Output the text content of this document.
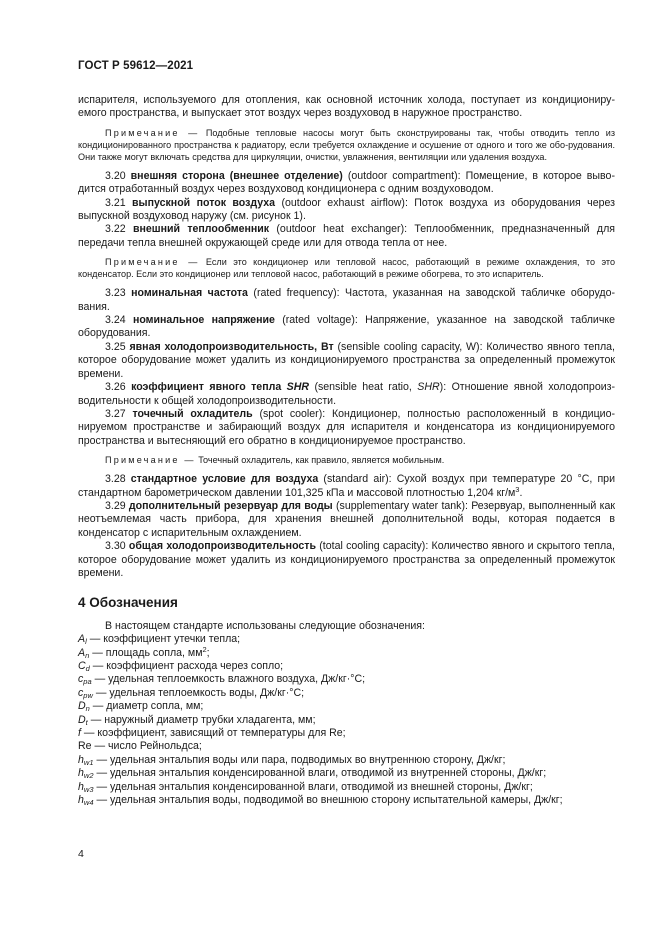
ГОСТ Р 59612—2021

испарителя, используемого для отопления, как основной источник холода, поступает из кондициониру-емого пространства, и выпускает этот воздух через воздуховод в наружное пространство.

Примечание — Подобные тепловые насосы могут быть сконструированы так, чтобы отводить тепло из кондиционированного пространства к радиатору, если требуется охлаждение и осушение от одного и того же обо-рудования. Они также могут включать средства для циркуляции, очистки, увлажнения, вентиляции или удаления воздуха.

3.20 внешняя сторона (внешнее отделение) (outdoor compartment): Помещение, в которое выво-дится отработанный воздух через воздуховод кондиционера с одним воздуховодом.

3.21 выпускной поток воздуха (outdoor exhaust airflow): Поток воздуха из оборудования через выпускной воздуховод наружу (см. рисунок 1).

3.22 внешний теплообменник (outdoor heat exchanger): Теплообменник, предназначенный для передачи тепла внешней окружающей среде или для отвода тепла от нее.

Примечание — Если это кондиционер или тепловой насос, работающий в режиме охлаждения, то это конденсатор. Если это кондиционер или тепловой насос, работающий в режиме обогрева, то это испаритель.

3.23 номинальная частота (rated frequency): Частота, указанная на заводской табличке оборудо-вания.

3.24 номинальное напряжение (rated voltage): Напряжение, указанное на заводской табличке оборудования.

3.25 явная холодопроизводительность, Вт (sensible cooling capacity, W): Количество явного тепла, которое оборудование может удалить из кондиционируемого пространства за определенный промежуток времени.

3.26 коэффициент явного тепла SHR (sensible heat ratio, SHR): Отношение явной холодопроиз-водительности к общей холодопроизводительности.

3.27 точечный охладитель (spot cooler): Кондиционер, полностью расположенный в кондицио-нируемом пространстве и забирающий воздух для испарителя и конденсатора из кондиционируемого пространства и вытесняющий его обратно в кондиционируемое пространство.

Примечание — Точечный охладитель, как правило, является мобильным.

3.28 стандартное условие для воздуха (standard air): Сухой воздух при температуре 20 °С, при стандартном барометрическом давлении 101,325 кПа и массовой плотностью 1,204 $кг/м^3$.

3.29 дополнительный резервуар для воды (supplementary water tank): Резервуар, выполненный как неотъемлемая часть прибора, для хранения внешней дополнительной воды, которая подается в конденсатор с испарительным охлаждением.

3.30 общая холодопроизводительность (total cooling capacity): Количество явного и скрытого тепла, которое оборудование может удалить из кондиционируемого пространства за определенный промежуток времени.

4 Обозначения

В настоящем стандарте использованы следующие обозначения:

$A_l$ — коэффициент утечки тепла;

$A_n$ — площадь сопла, $мм^2$;

$C_d$ — коэффициент расхода через сопло;

$c_{pa}$ — удельная теплоемкость влажного воздуха, Дж/кг·°С;

$c_{pw}$ — удельная теплоемкость воды, Дж/кг·°С;

$D_n$ — диаметр сопла, мм;

$D_t$ — наружный диаметр трубки хладагента, мм;

f — коэффициент, зависящий от температуры для Re;

Re — число Рейнольдса;

$h_{w1}$ — удельная энтальпия воды или пара, подводимых во внутреннюю сторону, Дж/кг;

$h_{w2}$ — удельная энтальпия конденсированной влаги, отводимой из внутренней стороны, Дж/кг;

$h_{w3}$ — удельная энтальпия конденсированной влаги, отводимой из внешней стороны, Дж/кг;

$h_{w4}$ — удельная энтальпия воды, подводимой во внешнюю сторону испытательной камеры, Дж/кг;

4
